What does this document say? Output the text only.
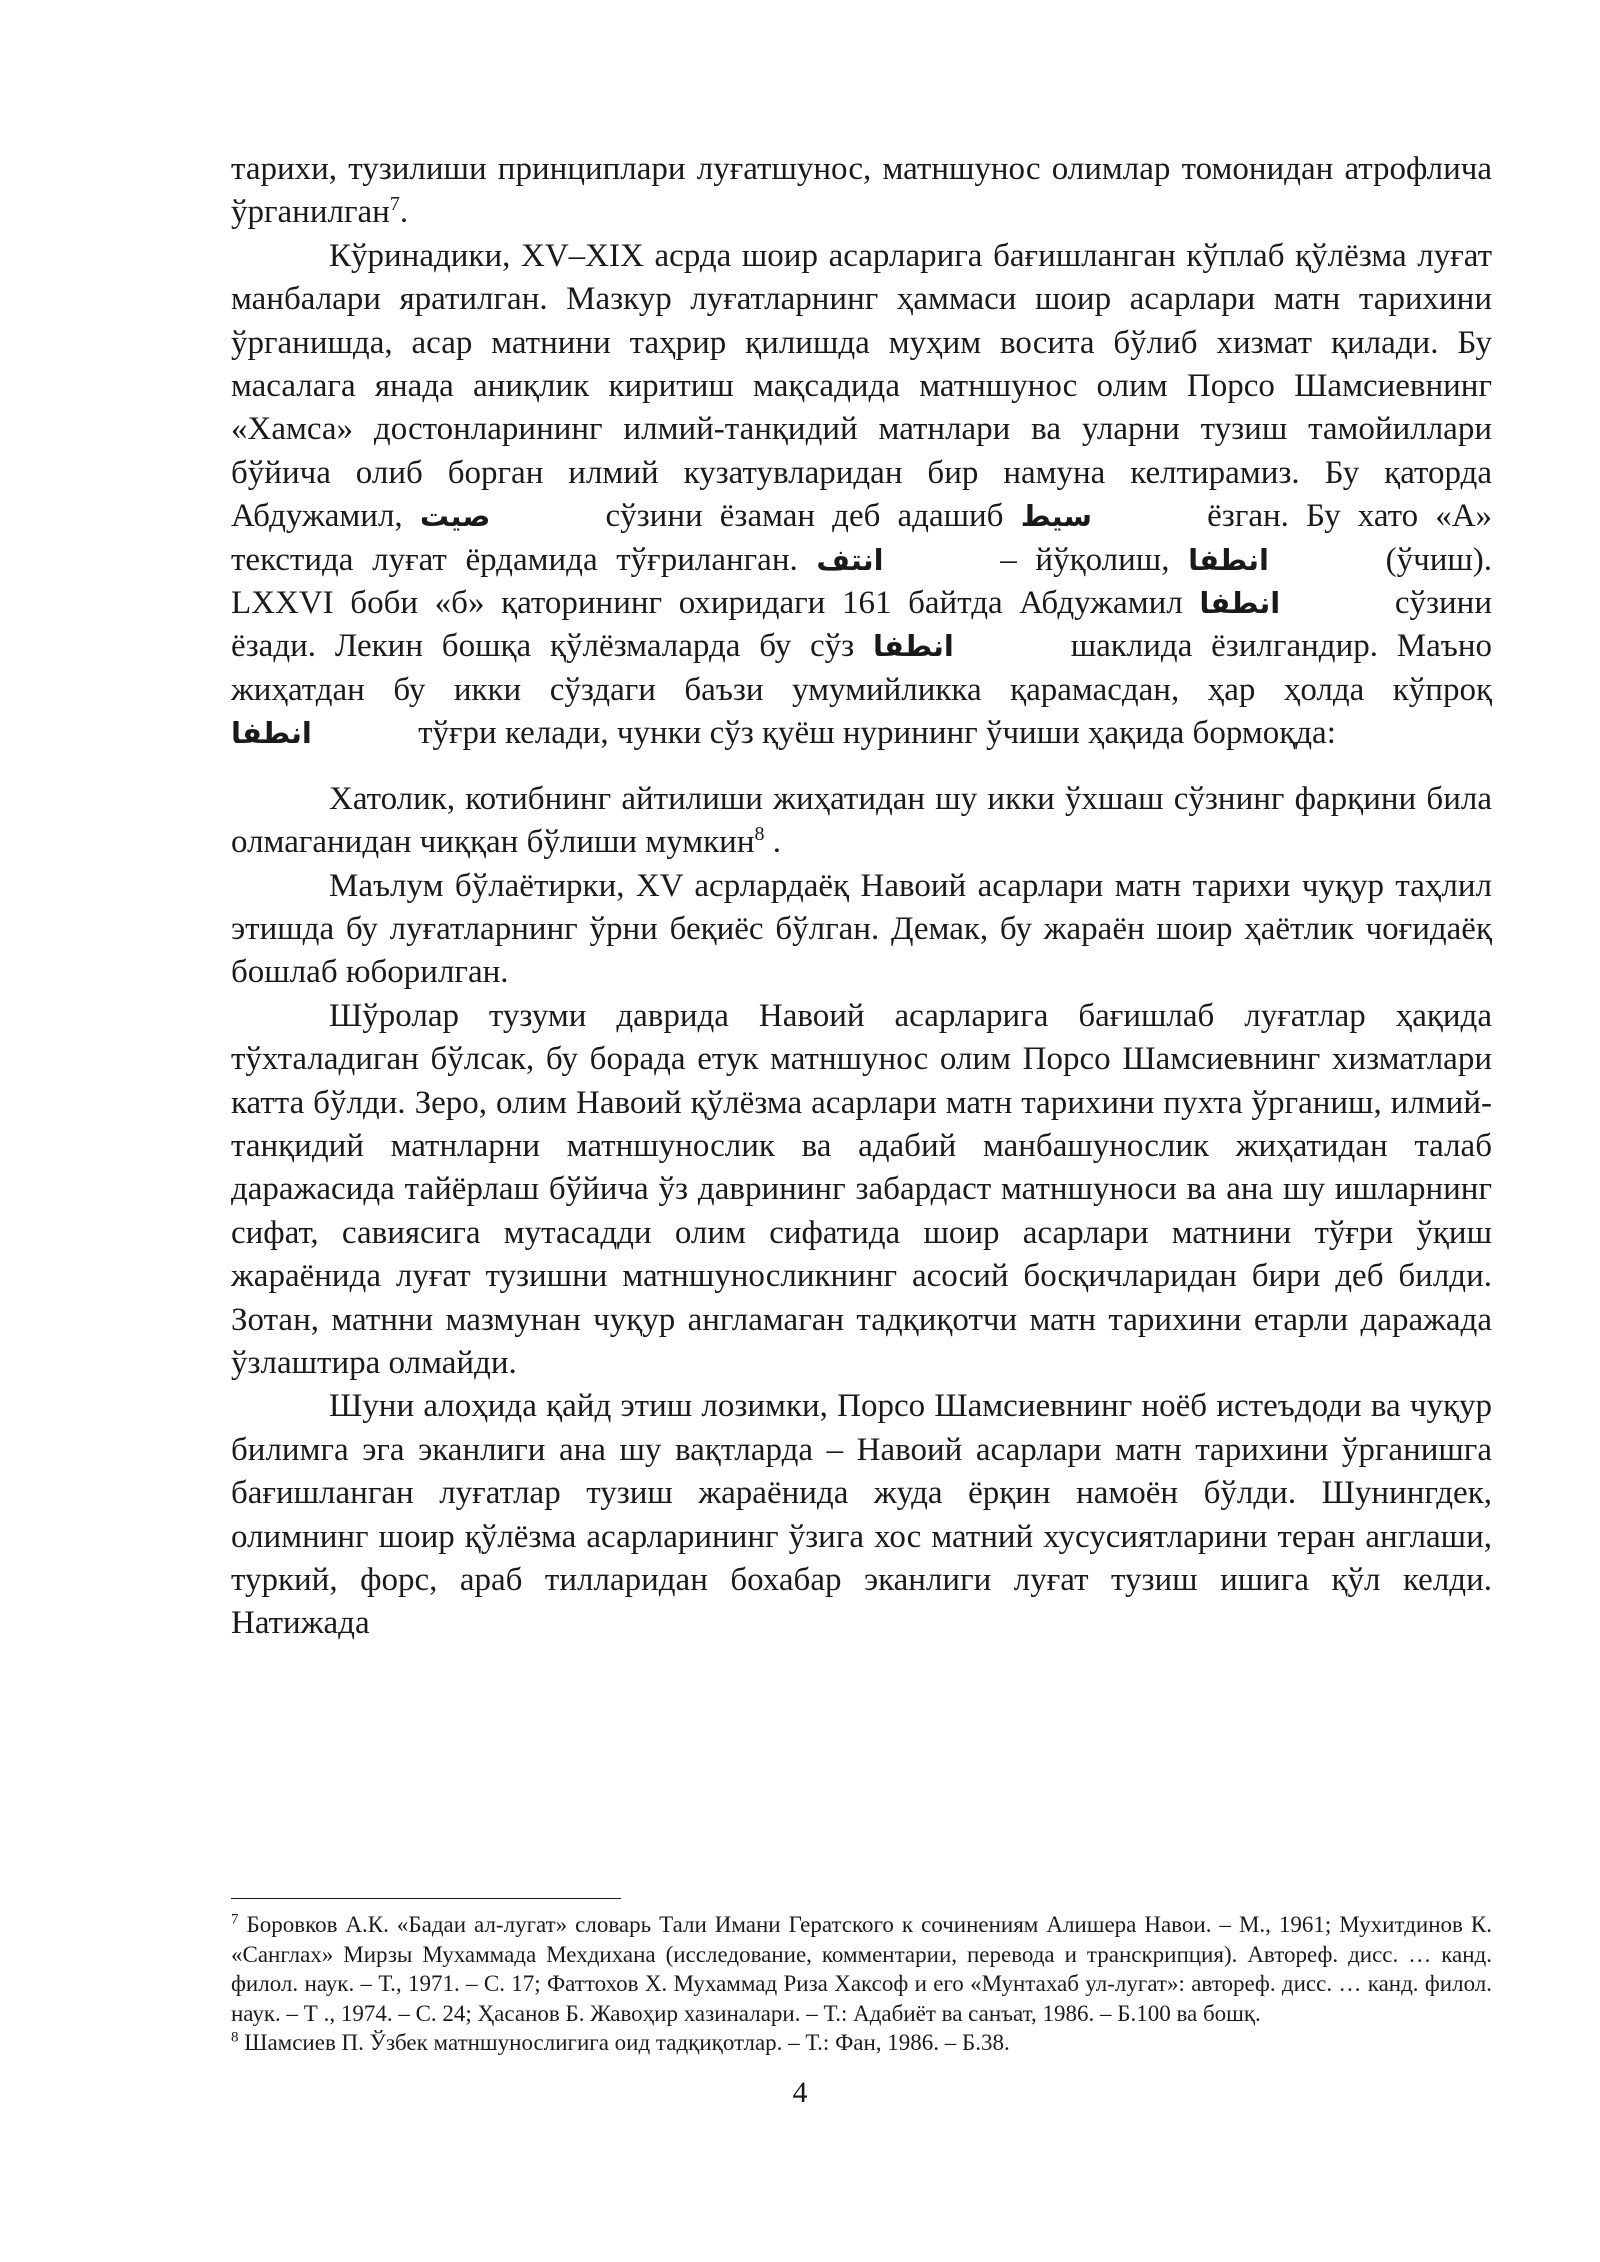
тарихи, тузилиши принциплари луғатшунос, матншунос олимлар томонидан атрофлича ўрганилган$^7$.

Кўринадики, XV–XIX асрда шоир асарларига бағишланган кўплаб қўлёзма луғат манбалари яратилган. Мазкур луғатларнинг ҳаммаси шоир асарлари матн тарихини ўрганишда, асар матнини таҳрир қилишда муҳим восита бўлиб хизмат қилади. Бу масалага янада аниқлик киритиш мақсадида матншунос олим Порсо Шамсиевнинг «Хамса» достонларининг илмий-танқидий матнлари ва уларни тузиш тамойиллари бўйича олиб борган илмий кузатувларидан бир намуна келтирамиз. Бу қаторда Абдужамил, صیت	сўзини ёзаман деб адашиб سیط	ёзган. Бу хато «А» текстида луғат ёрдамида тўғриланган. انتف	– йўқолиш, انطفا	(ўчиш). LXXVI боби «б» қаторининг охиридаги 161 байтда Абдужамил انطفا	сўзини ёзади. Лекин бошқа қўлёзмаларда бу сўз انطفا	шаклида ёзилгандир. Маъно жиҳатдан бу икки сўздаги баъзи умумийликка қарамасдан, ҳар ҳолда кўпроқ انطفا	тўғри келади, чунки сўз қуёш нурининг ўчиши ҳақида бормоқда:

Хатолик, котибнинг айтилиши жиҳатидан шу икки ўхшаш сўзнинг фарқини била олмаганидан чиққан бўлиши мумкин$^8$ .

Маълум бўлаётирки, XV асрлардаёқ Навоий асарлари матн тарихи чуқур таҳлил этишда бу луғатларнинг ўрни беқиёс бўлган. Демак, бу жараён шоир ҳаётлик чоғидаёқ бошлаб юборилган.

Шўролар тузуми даврида Навоий асарларига бағишлаб луғатлар ҳақида тўхталадиган бўлсак, бу борада етук матншунос олим Порсо Шамсиевнинг хизматлари катта бўлди. Зеро, олим Навоий қўлёзма асарлари матн тарихини пухта ўрганиш, илмий-танқидий матнларни матншунослик ва адабий манбашунослик жиҳатидан талаб даражасида тайёрлаш бўйича ўз даврининг забардаст матншуноси ва ана шу ишларнинг сифат, савиясига мутасадди олим сифатида шоир асарлари матнини тўғри ўқиш жараёнида луғат тузишни матншуносликнинг асосий босқичларидан бири деб билди. Зотан, матнни мазмунан чуқур англамаган тадқиқотчи матн тарихини етарли даражада ўзлаштира олмайди.

Шуни алоҳида қайд этиш лозимки, Порсо Шамсиевнинг ноёб истеъдоди ва чуқур билимга эга эканлиги ана шу вақтларда – Навоий асарлари матн тарихини ўрганишга бағишланган луғатлар тузиш жараёнида жуда ёрқин намоён бўлди. Шунингдек, олимнинг шоир қўлёзма асарларининг ўзига хос матний хусусиятларини теран англаши, туркий, форс, араб тилларидан бохабар эканлиги луғат тузиш ишига қўл келди. Натижада

$^7$ Боровков А.К. «Бадаи ал-лугат» словарь Тали Имани Гератского к сочинениям Алишера Навои. – М., 1961; Мухитдинов К. «Санглах» Мирзы Мухаммада Мехдихана (исследование, комментарии, перевода и транскрипция). Автореф. дисс. … канд. филол. наук. – Т., 1971. – С. 17; Фаттохов Х. Мухаммад Риза Хаксоф и его «Мунтахаб ул-лугат»: автореф. дисс. … канд. филол. наук. – Т ., 1974. – С. 24; Ҳасанов Б. Жавоҳир хазиналари. – Т.: Адабиёт ва санъат, 1986. – Б.100 ва бошқ.

$^8$ Шамсиев П. Ўзбек матншунослигига оид тадқиқотлар. – Т.: Фан, 1986. – Б.38.

4
